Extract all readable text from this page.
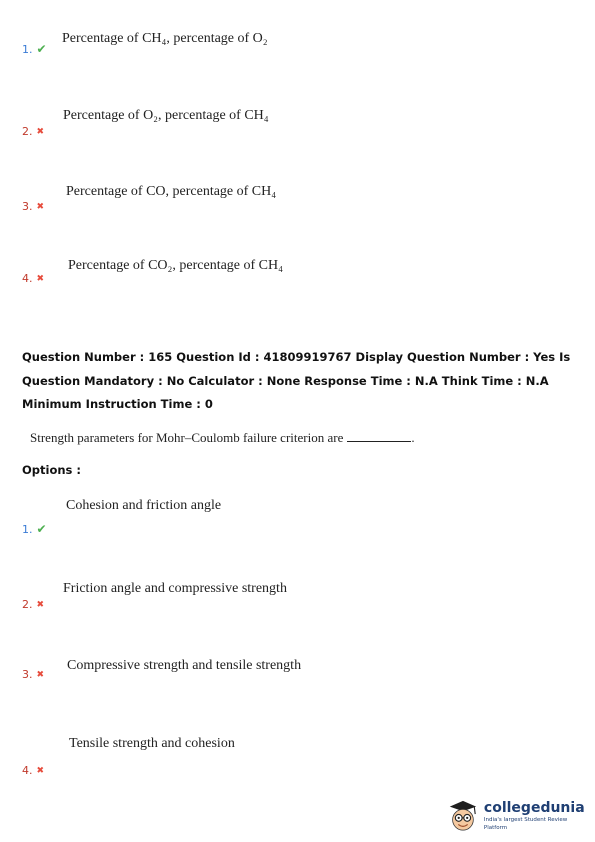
1. ✔
Percentage of CH₄, percentage of O₂
2. ✖
Percentage of O₂, percentage of CH₄
3. ✖
Percentage of CO, percentage of CH₄
4. ✖
Percentage of CO₂, percentage of CH₄
Question Number : 165 Question Id : 41809919767 Display Question Number : Yes Is Question Mandatory : No Calculator : None Response Time : N.A Think Time : N.A Minimum Instruction Time : 0
Strength parameters for Mohr–Coulomb failure criterion are	.
Options :
1. ✔
Cohesion and friction angle
2. ✖
Friction angle and compressive strength
3. ✖
Compressive strength and tensile strength
4. ✖
Tensile strength and cohesion
collegedunia
India's largest Student Review Platform
